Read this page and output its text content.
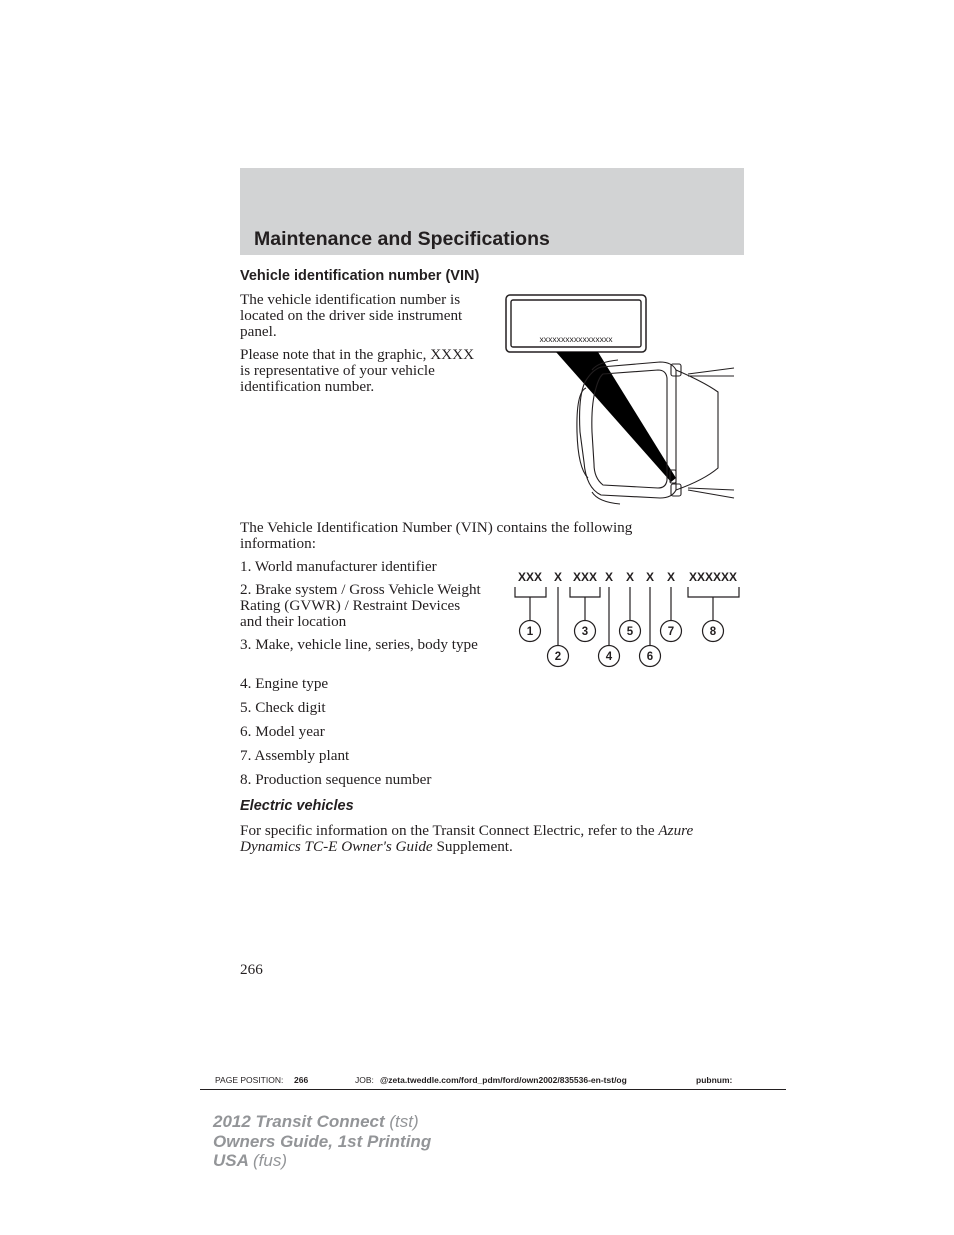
Maintenance and Specifications
Vehicle identification number (VIN)

The vehicle identification number is located on the driver side instrument panel.

Please note that in the graphic, XXXX is representative of your vehicle identification number.

xxxxxxxxxxxxxxxxx

The Vehicle Identification Number (VIN) contains the following information:

1. World manufacturer identifier
2. Brake system / Gross Vehicle Weight Rating (GVWR) / Restraint Devices and their location
3. Make, vehicle line, series, body type
4. Engine type
5. Check digit
6. Model year
7. Assembly plant
8. Production sequence number
XXX X XXX X X X X XXXXXX
1
2
3
4
5
6
7	8
Electric vehicles

For specific information on the Transit Connect Electric, refer to the Azure Dynamics TC-E Owner's Guide Supplement.

266
PAGE POSITION: 266	JOB: @zeta.tweddle.com/ford_pdm/ford/own2002/835536-en-tst/og	pubnum:
2012 Transit Connect (tst)
Owners Guide, 1st Printing
USA (fus)
